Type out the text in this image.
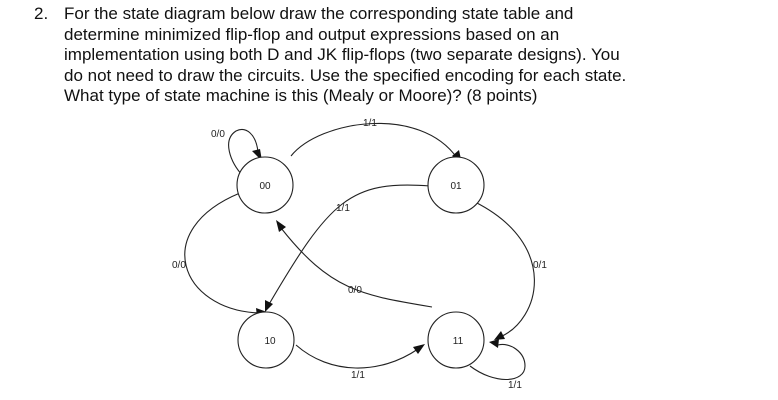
2. For the state diagram below draw the corresponding state table and
determine minimized flip-flop and output expressions based on an
implementation using both D and JK flip-flops (two separate designs). You
do not need to draw the circuits. Use the specified encoding for each state.
What type of state machine is this (Mealy or Moore)? (8 points)
00	01
10	11
0/0
1/1
1/1
0/0	0/1
0/0
1/1
1/1
